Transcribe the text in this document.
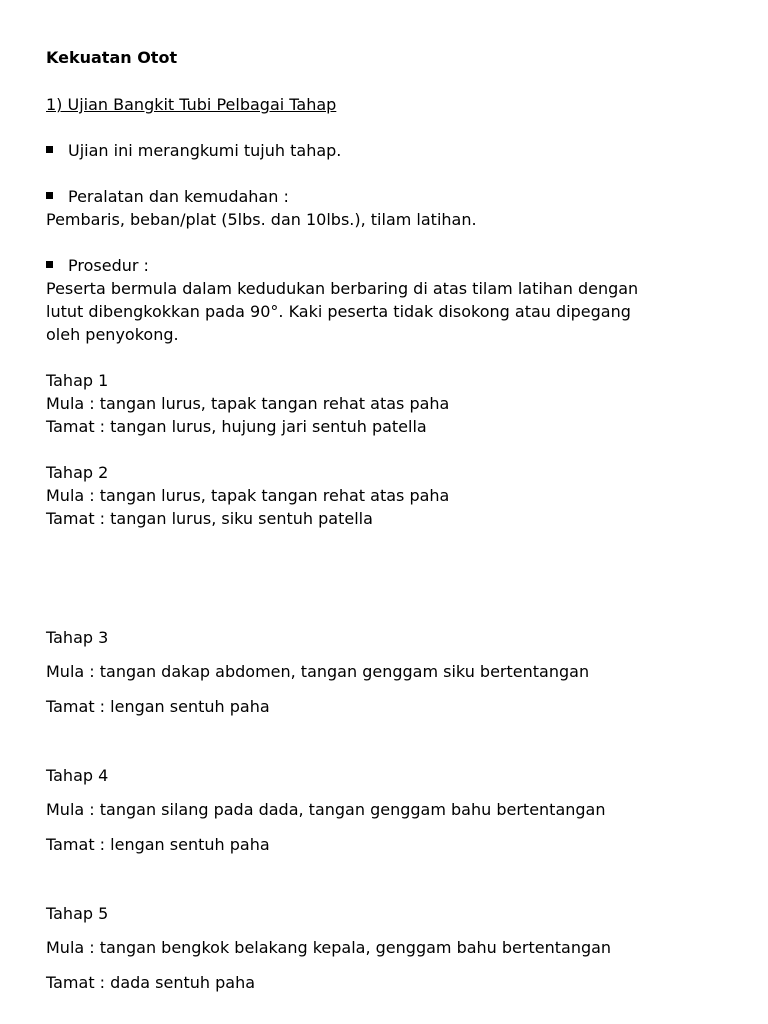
Kekuatan Otot
1) Ujian Bangkit Tubi Pelbagai Tahap
Ujian ini merangkumi tujuh tahap.
Peralatan dan kemudahan :
Pembaris, beban/plat (5lbs. dan 10lbs.), tilam latihan.
Prosedur :
Peserta bermula dalam kedudukan berbaring di atas tilam latihan dengan
lutut dibengkokkan pada 90°. Kaki peserta tidak disokong atau dipegang
oleh penyokong.
Tahap 1
Mula : tangan lurus, tapak tangan rehat atas paha
Tamat : tangan lurus, hujung jari sentuh patella
Tahap 2
Mula : tangan lurus, tapak tangan rehat atas paha
Tamat : tangan lurus, siku sentuh patella
Tahap 3
Mula : tangan dakap abdomen, tangan genggam siku bertentangan
Tamat : lengan sentuh paha
Tahap 4
Mula : tangan silang pada dada, tangan genggam bahu bertentangan
Tamat : lengan sentuh paha
Tahap 5
Mula : tangan bengkok belakang kepala, genggam bahu bertentangan
Tamat : dada sentuh paha
